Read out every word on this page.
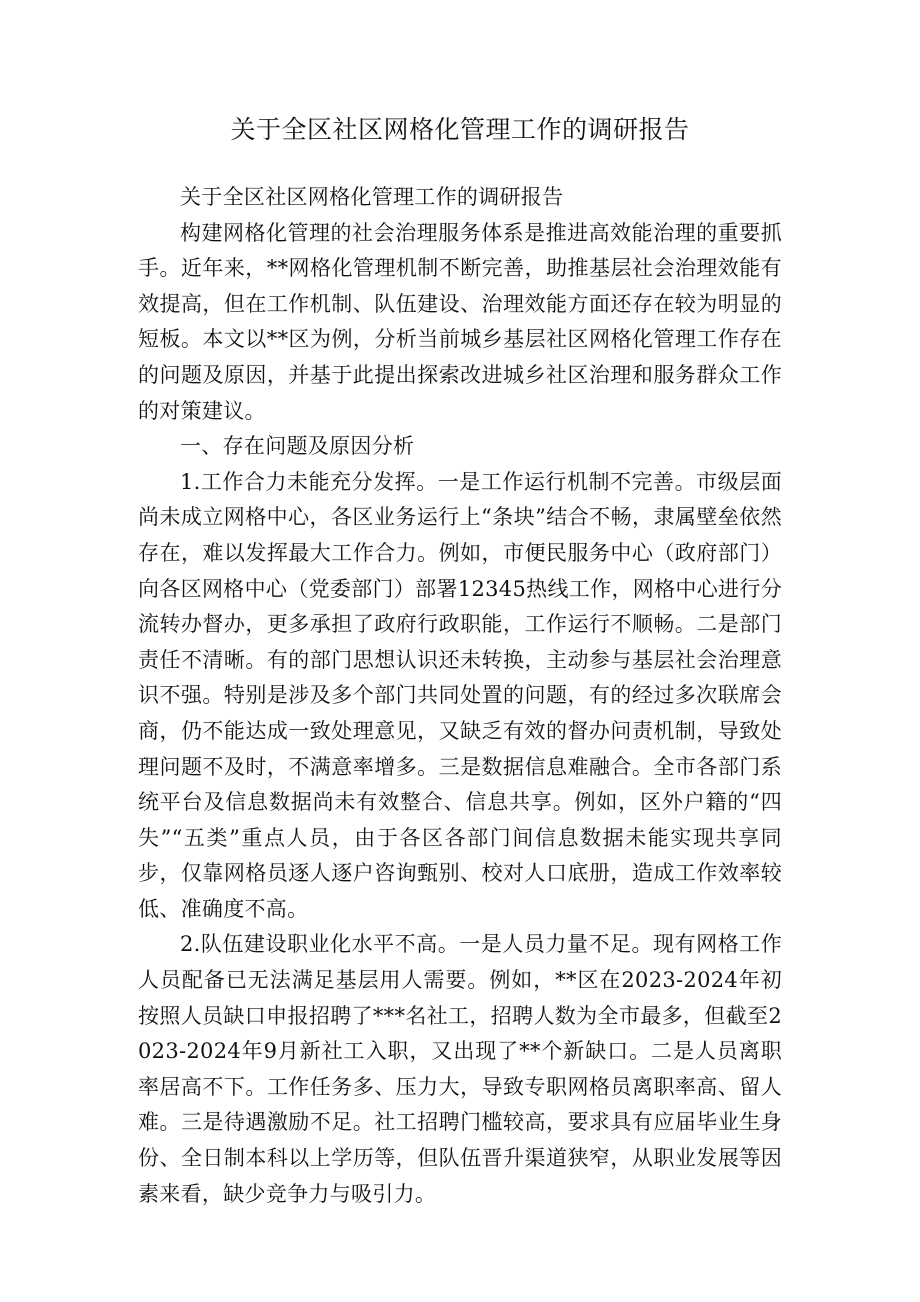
关于全区社区网格化管理工作的调研报告

关于全区社区网格化管理工作的调研报告

构建网格化管理的社会治理服务体系是推进高效能治理的重要抓手。近年来，**网格化管理机制不断完善，助推基层社会治理效能有效提高，但在工作机制、队伍建设、治理效能方面还存在较为明显的短板。本文以**区为例，分析当前城乡基层社区网格化管理工作存在的问题及原因，并基于此提出探索改进城乡社区治理和服务群众工作的对策建议。

一、存在问题及原因分析

1.工作合力未能充分发挥。一是工作运行机制不完善。市级层面尚未成立网格中心，各区业务运行上“条块”结合不畅，隶属壁垒依然存在，难以发挥最大工作合力。例如，市便民服务中心（政府部门）向各区网格中心（党委部门）部署12345热线工作，网格中心进行分流转办督办，更多承担了政府行政职能，工作运行不顺畅。二是部门责任不清晰。有的部门思想认识还未转换，主动参与基层社会治理意识不强。特别是涉及多个部门共同处置的问题，有的经过多次联席会商，仍不能达成一致处理意见，又缺乏有效的督办问责机制，导致处理问题不及时，不满意率增多。三是数据信息难融合。全市各部门系统平台及信息数据尚未有效整合、信息共享。例如，区外户籍的“四失”“五类”重点人员，由于各区各部门间信息数据未能实现共享同步，仅靠网格员逐人逐户咨询甄别、校对人口底册，造成工作效率较低、准确度不高。

2.队伍建设职业化水平不高。一是人员力量不足。现有网格工作人员配备已无法满足基层用人需要。例如，**区在2023-2024年初按照人员缺口申报招聘了***名社工，招聘人数为全市最多，但截至2023-2024年9月新社工入职，又出现了**个新缺口。二是人员离职率居高不下。工作任务多、压力大，导致专职网格员离职率高、留人难。三是待遇激励不足。社工招聘门槛较高，要求具有应届毕业生身份、全日制本科以上学历等，但队伍晋升渠道狭窄，从职业发展等因素来看，缺少竞争力与吸引力。
